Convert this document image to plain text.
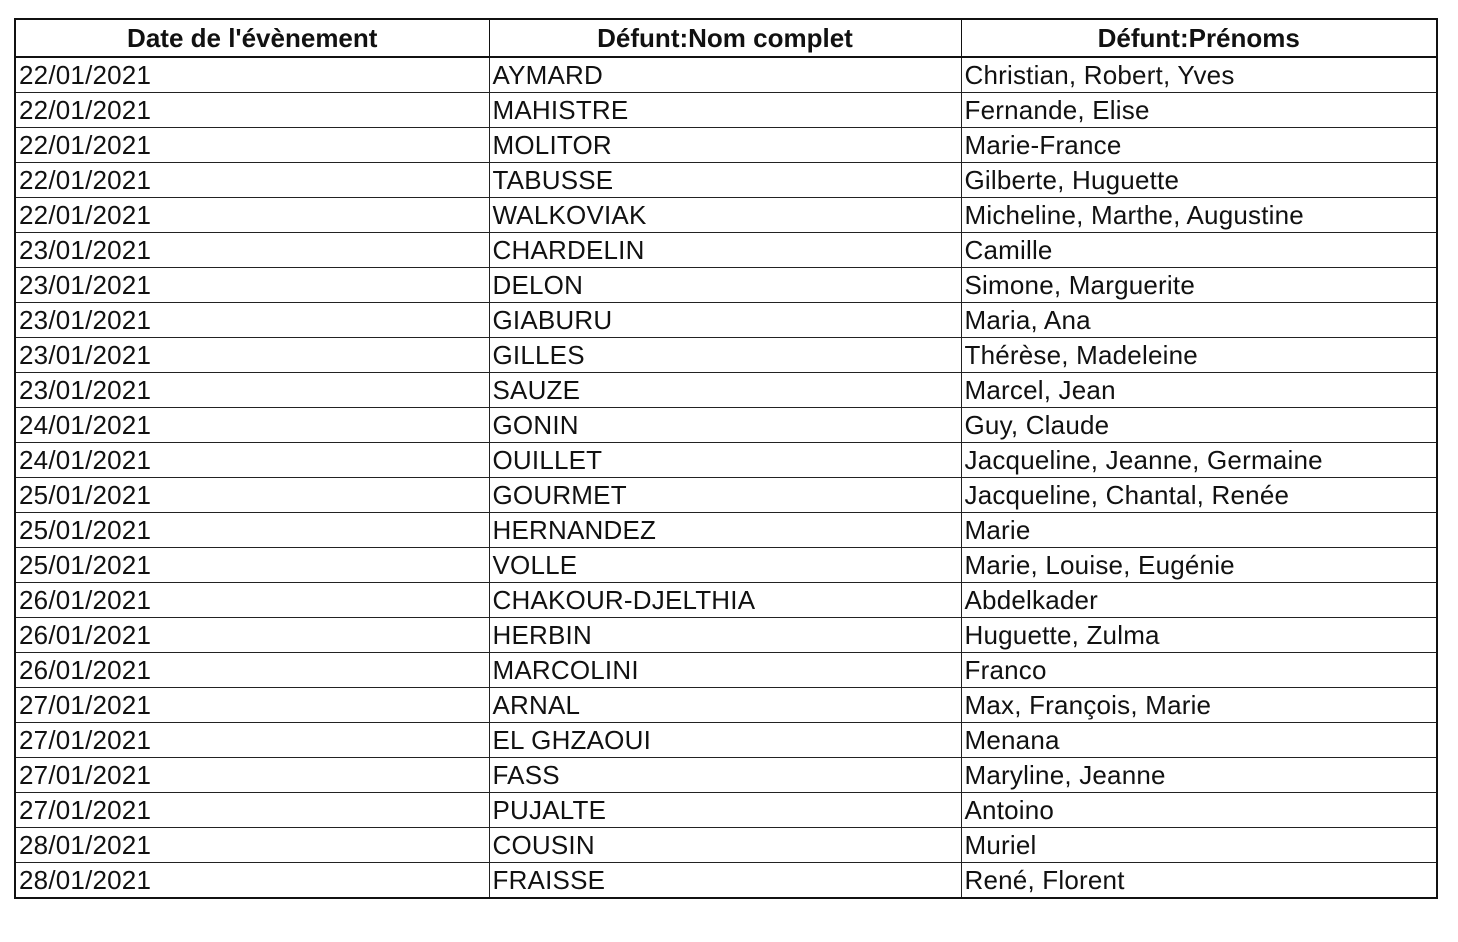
Date de l'évènement	Défunt:Nom complet	Défunt:Prénoms
22/01/2021	AYMARD	Christian, Robert, Yves
22/01/2021	MAHISTRE	Fernande, Elise
22/01/2021	MOLITOR	Marie-France
22/01/2021	TABUSSE	Gilberte, Huguette
22/01/2021	WALKOVIAK	Micheline, Marthe, Augustine
23/01/2021	CHARDELIN	Camille
23/01/2021	DELON	Simone, Marguerite
23/01/2021	GIABURU	Maria, Ana
23/01/2021	GILLES	Thérèse, Madeleine
23/01/2021	SAUZE	Marcel, Jean
24/01/2021	GONIN	Guy, Claude
24/01/2021	OUILLET	Jacqueline, Jeanne, Germaine
25/01/2021	GOURMET	Jacqueline, Chantal, Renée
25/01/2021	HERNANDEZ	Marie
25/01/2021	VOLLE	Marie, Louise, Eugénie
26/01/2021	CHAKOUR-DJELTHIA	Abdelkader
26/01/2021	HERBIN	Huguette, Zulma
26/01/2021	MARCOLINI	Franco
27/01/2021	ARNAL	Max, François, Marie
27/01/2021	EL GHZAOUI	Menana
27/01/2021	FASS	Maryline, Jeanne
27/01/2021	PUJALTE	Antoino
28/01/2021	COUSIN	Muriel
28/01/2021	FRAISSE	René, Florent
